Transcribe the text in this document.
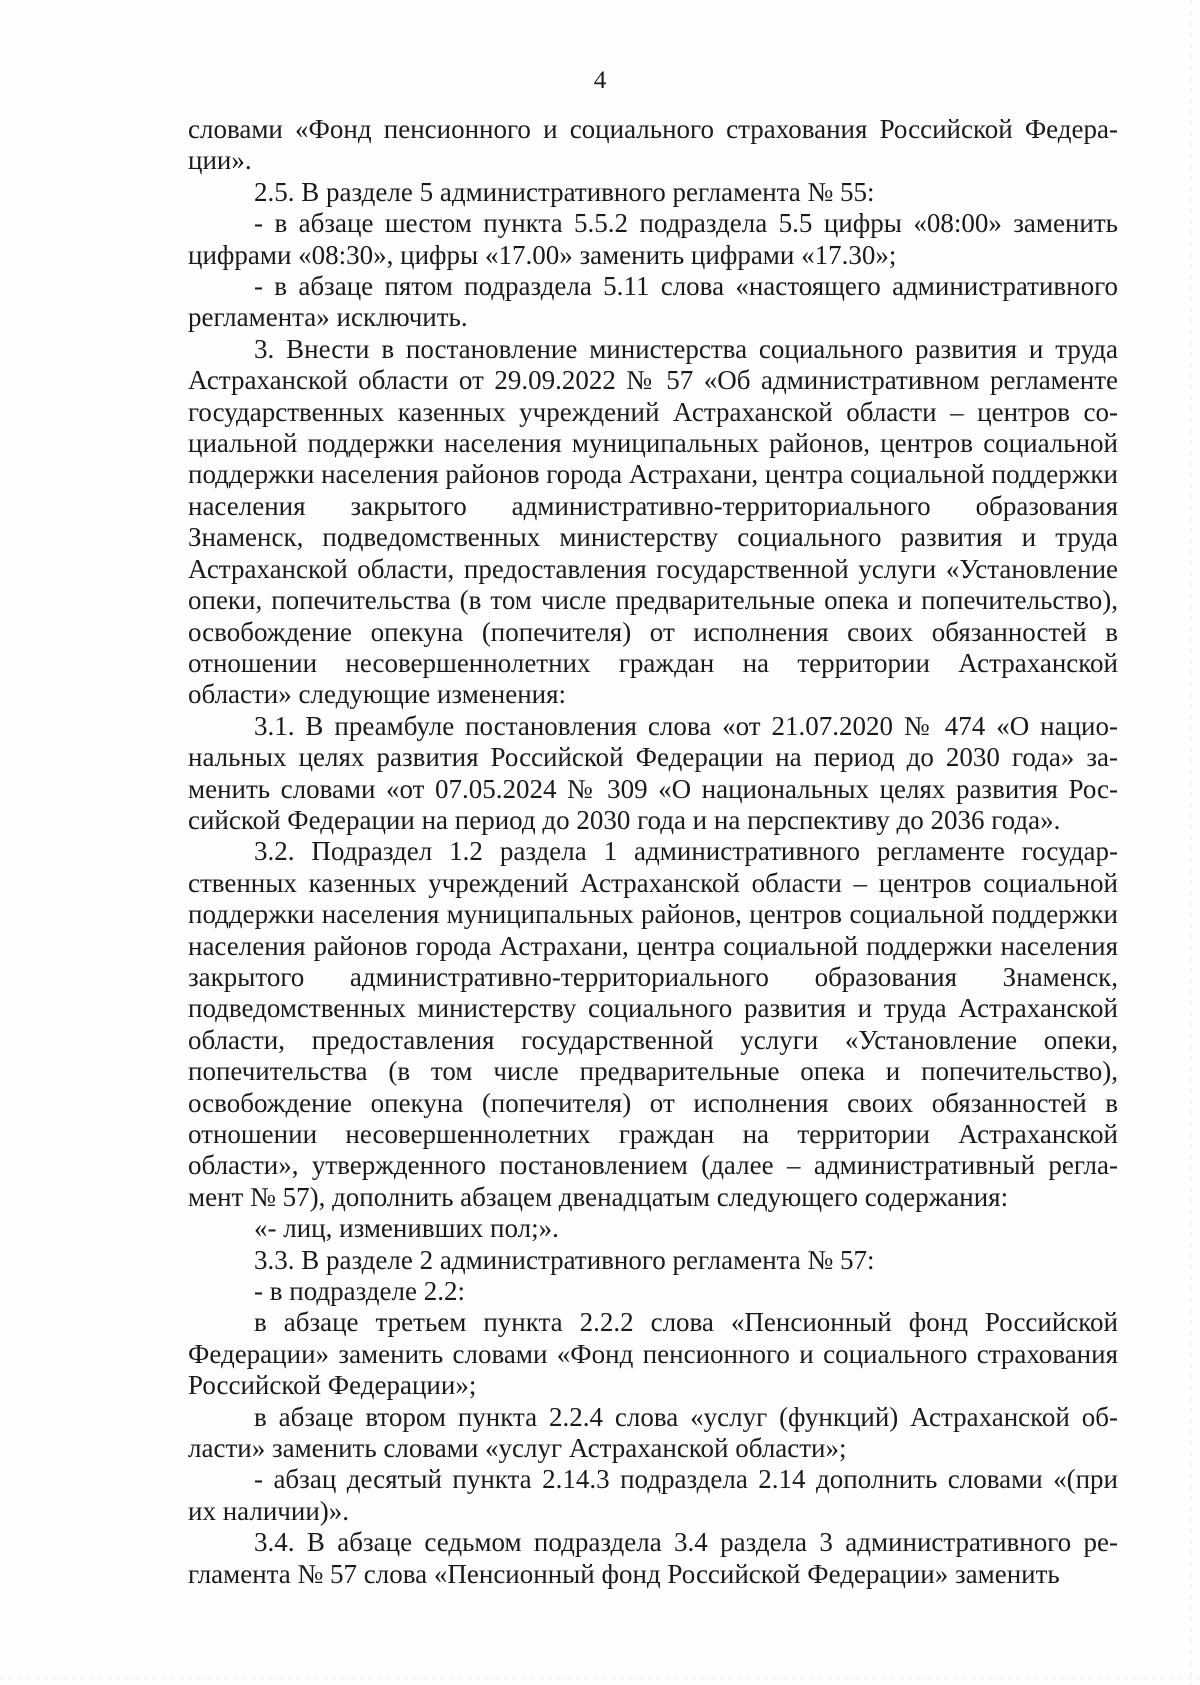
4

словами «Фонд пенсионного и социального страхования Российской Федерации».

2.5. В разделе 5 административного регламента № 55:

- в абзаце шестом пункта 5.5.2 подраздела 5.5 цифры «08:00» заменить цифрами «08:30», цифры «17.00» заменить цифрами «17.30»;

- в абзаце пятом подраздела 5.11 слова «настоящего административного регламента» исключить.

3. Внести в постановление министерства социального развития и труда Астраханской области от 29.09.2022 № 57 «Об административном регламенте государственных казенных учреждений Астраханской области – центров социальной поддержки населения муниципальных районов, центров социальной поддержки населения районов города Астрахани, центра социальной поддержки населения закрытого административно-территориального образования Знаменск, подведомственных министерству социального развития и труда Астраханской области, предоставления государственной услуги «Установление опеки, попечительства (в том числе предварительные опека и попечительство), освобождение опекуна (попечителя) от исполнения своих обязанностей в отношении несовершеннолетних граждан на территории Астраханской области» следующие изменения:

3.1. В преамбуле постановления слова «от 21.07.2020 № 474 «О национальных целях развития Российской Федерации на период до 2030 года» заменить словами «от 07.05.2024 № 309 «О национальных целях развития Российской Федерации на период до 2030 года и на перспективу до 2036 года».

3.2. Подраздел 1.2 раздела 1 административного регламенте государственных казенных учреждений Астраханской области – центров социальной поддержки населения муниципальных районов, центров социальной поддержки населения районов города Астрахани, центра социальной поддержки населения закрытого административно-территориального образования Знаменск, подведомственных министерству социального развития и труда Астраханской области, предоставления государственной услуги «Установление опеки, попечительства (в том числе предварительные опека и попечительство), освобождение опекуна (попечителя) от исполнения своих обязанностей в отношении несовершеннолетних граждан на территории Астраханской области», утвержденного постановлением (далее – административный регламент № 57), дополнить абзацем двенадцатым следующего содержания:

«- лиц, изменивших пол;».

3.3. В разделе 2 административного регламента № 57:

- в подразделе 2.2:

в абзаце третьем пункта 2.2.2 слова «Пенсионный фонд Российской Федерации» заменить словами «Фонд пенсионного и социального страхования Российской Федерации»;

в абзаце втором пункта 2.2.4 слова «услуг (функций) Астраханской области» заменить словами «услуг Астраханской области»;

- абзац десятый пункта 2.14.3 подраздела 2.14 дополнить словами «(при их наличии)».

3.4. В абзаце седьмом подраздела 3.4 раздела 3 административного регламента № 57 слова «Пенсионный фонд Российской Федерации» заменить
